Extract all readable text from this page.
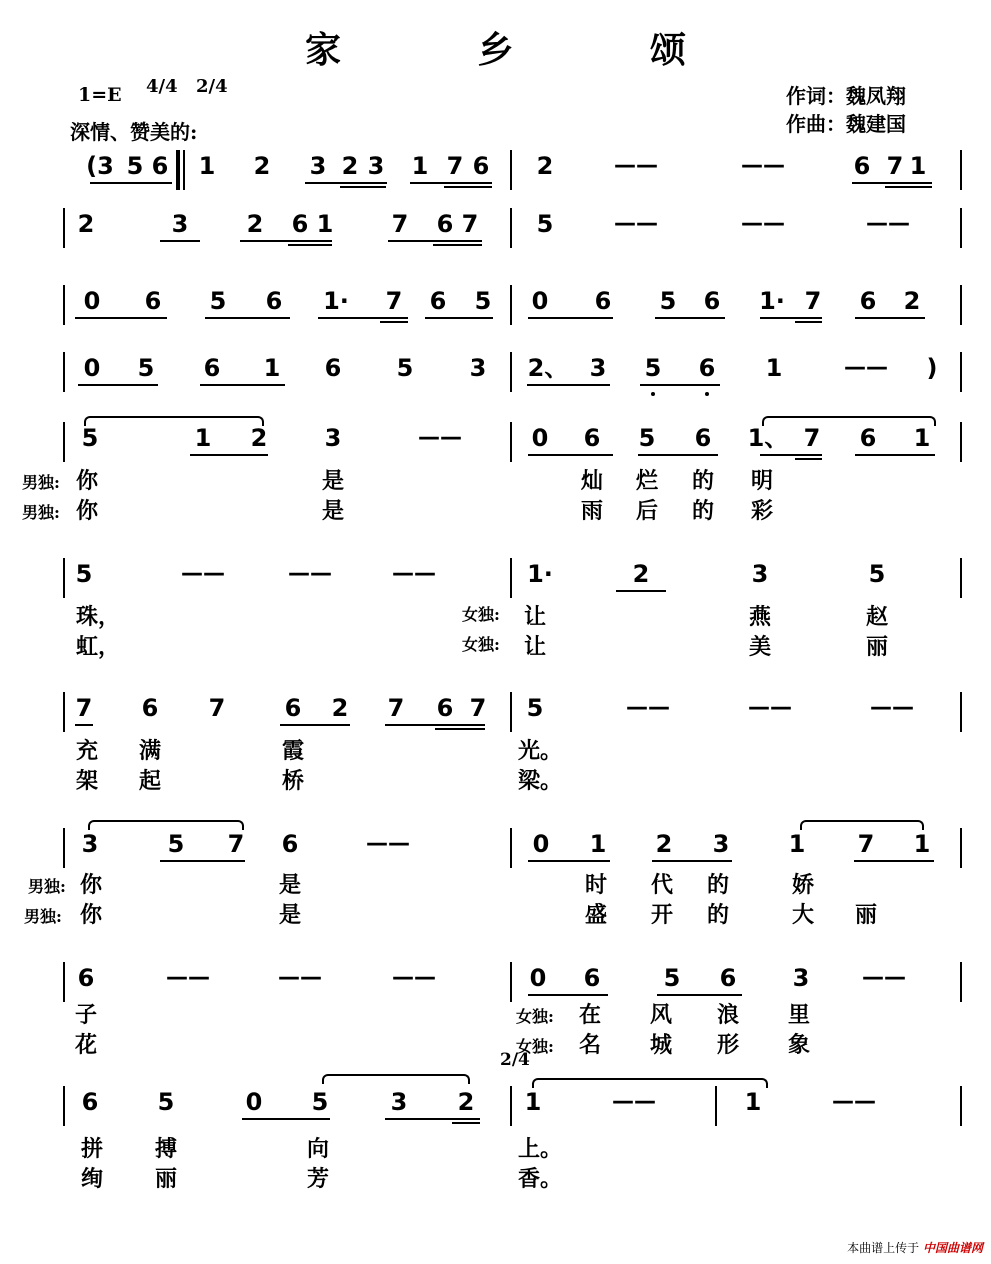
家 乡 颂
1=E 4/4 2/4
深情、赞美的:
作词：魏凤翔
作曲：魏建国
(3 5 6 1 2 3 2 3 1 7 6 2	——	——	6 7 1
2	3 2 6 1 7 6 7 5	——	——	——
0 6 5 6 1· 7 6 5 0 6 5 6 1· 7 6 2
0 5 6 1 6 5 3 2、 3 5 6 1	—— )
5	1 2 3	——	0 6 5 6 1、 7 6 1
男独:
男独:
你	是	灿 烂 的 明
你	是	雨 后 的 彩
5	——	——	——	1·	2	3	5
女独:
女独:
珠，	让	燕	赵
虹，	让	美	丽
7 6 7 6 2 7 6 7 5	——	——	——
充 满	霞	光。
架 起	桥	梁。
3	5 7 6	——	0 1 2 3 1 7 1
男独:
男独:
你	是	时 代 的	娇
你	是	盛 开 的	大 丽
6	——	——	——	0 6	5 6 3 ——
女独:
女独:
子	在 风 浪 里
花	名 城 形 象
2/4
6 5	0 5	3 2 1	——	1	——
拼 搏	向	上。
绚 丽	芳	香。
本曲谱上传于 中国曲谱网
